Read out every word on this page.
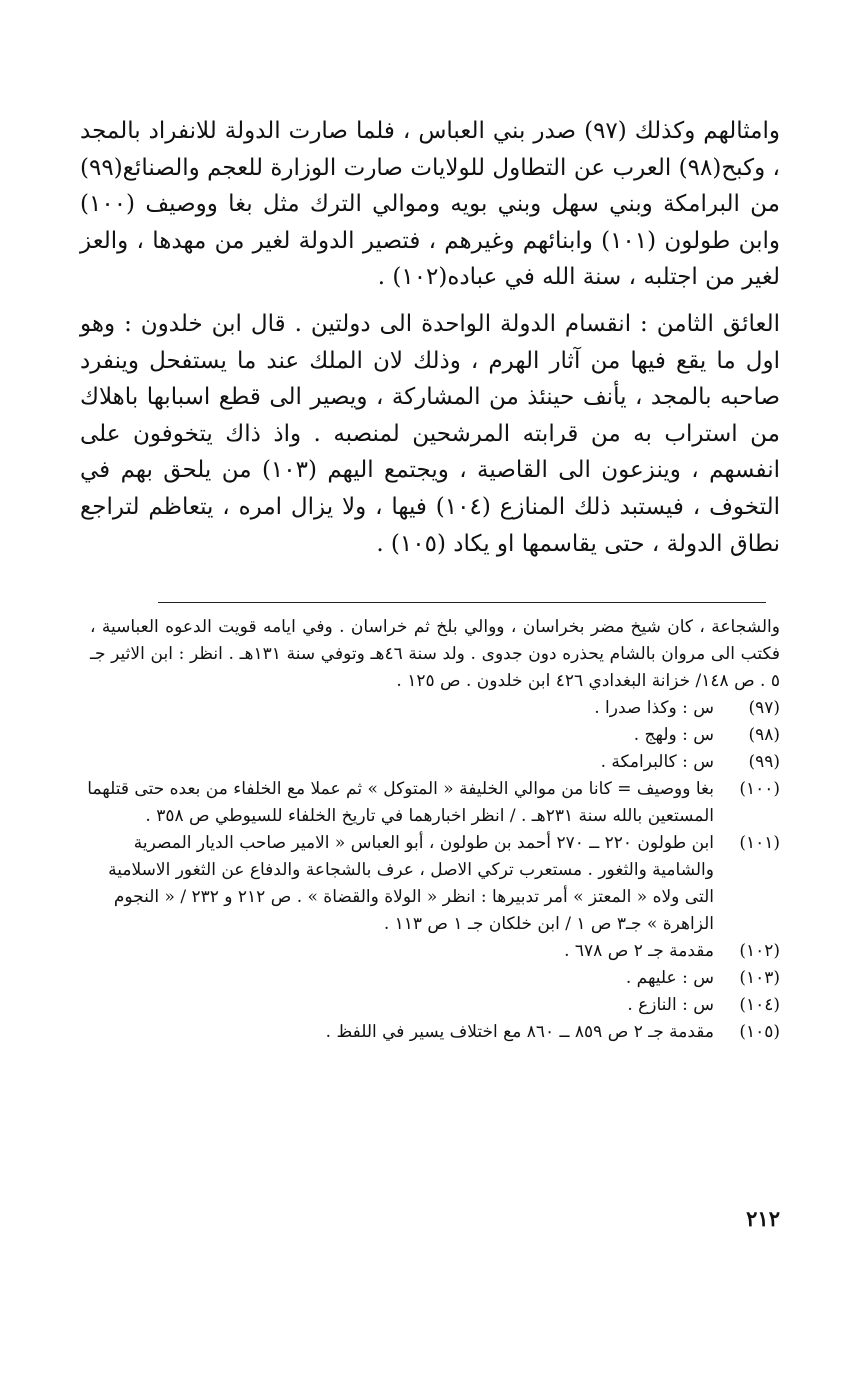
وامثالهم وكذلك (٩٧) صدر بني العباس ، فلما صارت الدولة للانفراد بالمجد ، وكبح(٩٨) العرب عن التطاول للولايات صارت الوزارة للعجم والصنائع(٩٩) من البرامكة وبني سهل وبني بويه وموالي الترك مثل بغا ووصيف (١٠٠) وابن طولون (١٠١) وابنائهم وغيرهم ، فتصير الدولة لغير من مهدها ، والعز لغير من اجتلبه ، سنة الله في عباده(١٠٢) .

العائق الثامن : انقسام الدولة الواحدة الى دولتين . قال ابن خلدون : وهو اول ما يقع فيها من آثار الهرم ، وذلك لان الملك عند ما يستفحل وينفرد صاحبه بالمجد ، يأنف حينئذ من المشاركة ، ويصير الى قطع اسبابها باهلاك من استراب به من قرابته المرشحين لمنصبه . واذ ذاك يتخوفون على انفسهم ، وينزعون الى القاصية ، ويجتمع اليهم (١٠٣) من يلحق بهم في التخوف ، فيستبد ذلك المنازع (١٠٤) فيها ، ولا يزال امره ، يتعاظم لتراجع نطاق الدولة ، حتى يقاسمها او يكاد (١٠٥) .

والشجاعة ، كان شيخ مضر بخراسان ، ووالي بلخ ثم خراسان . وفي ايامه قويت الدعوه العباسية ، فكتب الى مروان بالشام يحذره دون جدوى . ولد سنة ٤٦هـ وتوفي سنة ١٣١هـ . انظر : ابن الاثير جـ ٥ . ص ١٤٨/ خزانة البغدادي ٤٢٦ ابن خلدون . ص ١٢٥ .

(٩٧)
س : وكذا صدرا .
(٩٨)
س : ولهج .
(٩٩)
س : كالبرامكة .
(١٠٠)
بغا ووصيف = كانا من موالي الخليفة « المتوكل » ثم عملا مع الخلفاء من بعده حتى قتلهما المستعين بالله سنة ٢٣١هـ . / انظر اخبارهما في تاريخ الخلفاء للسيوطي ص ٣٥٨ .
(١٠١)
ابن طولون ٢٢٠ ــ ٢٧٠ أحمد بن طولون ، أبو العباس « الامير صاحب الديار المصرية والشامية والثغور . مستعرب تركي الاصل ، عرف بالشجاعة والدفاع عن الثغور الاسلامية التى ولاه « المعتز » أمر تدبيرها : انظر « الولاة والقضاة » . ص ٢١٢ و ٢٣٢ / « النجوم الزاهرة » جـ٣ ص ١ / ابن خلكان جـ ١ ص ١١٣ .
(١٠٢)
مقدمة جـ ٢ ص ٦٧٨ .
(١٠٣)
س : عليهم .
(١٠٤)
س : النازع .
(١٠٥)
مقدمة جـ ٢ ص ٨٥٩ ــ ٨٦٠ مع اختلاف يسير في اللفظ .
٢١٢
